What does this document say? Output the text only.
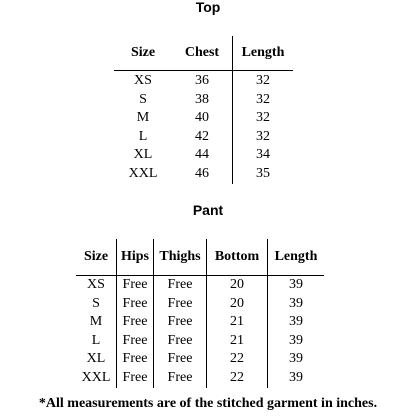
Top
Size	Chest	Length
XS	36	32
S	38	32
M	40	32
L	42	32
XL	44	34
XXL	46	35
Pant
Size	Hips	Thighs	Bottom	Length
XS	Free	Free	20	39
S	Free	Free	20	39
M	Free	Free	21	39
L	Free	Free	21	39
XL	Free	Free	22	39
XXL	Free	Free	22	39
*All measurements are of the stitched garment in inches.
